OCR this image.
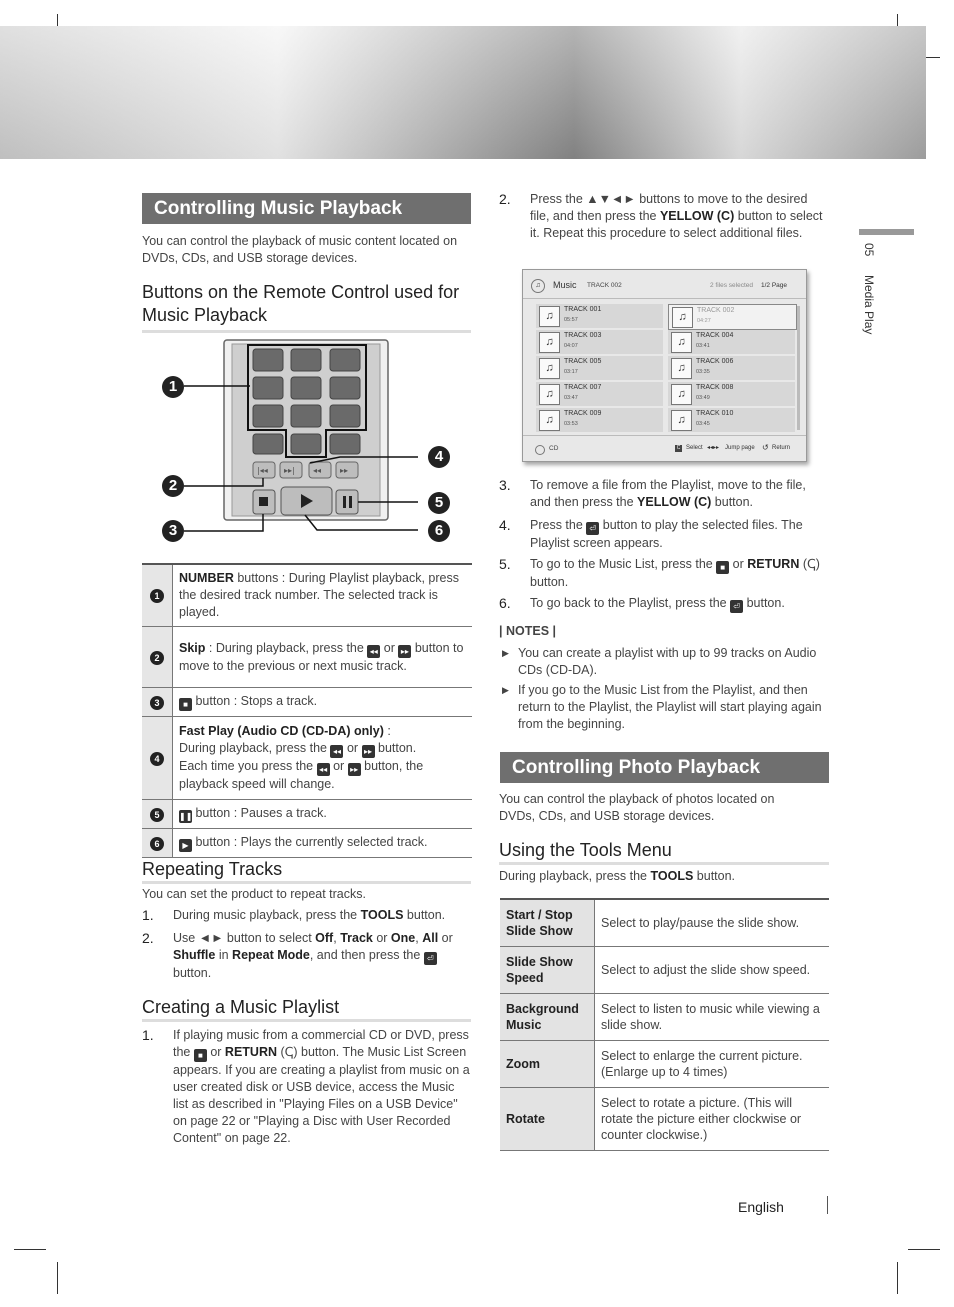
05
Media Play
Controlling Music Playback
You can control the playback of music content located on DVDs, CDs, and USB storage devices.
Buttons on the Remote Control used for Music Playback
|◂◂ ▸▸| ◂◂ ▸▸
1
2
3
4
5
6
1	NUMBER buttons : During Playlist playback, press the desired track number. The selected track is played.
2	Skip : During playback, press the ◂◂ or ▸▸ button to move to the previous or next music track.
3	■ button : Stops a track.
4	Fast Play (Audio CD (CD-DA) only) :
During playback, press the ◂◂ or ▸▸ button.
Each time you press the ◂◂ or ▸▸ button, the playback speed will change.
5	❚❚ button : Pauses a track.
6	▶ button : Plays the currently selected track.
Repeating Tracks
You can set the product to repeat tracks.
1. During music playback, press the TOOLS button.
2. Use ◄► button to select Off, Track or One, All or Shuffle in Repeat Mode, and then press the ⏎
button.
Creating a Music Playlist
1. If playing music from a commercial CD or DVD, press the ■ or RETURN (ↅ) button. The Music List Screen appears. If you are creating a playlist from music on a user created disk or USB device, access the Music list as described in "Playing Files on a USB Device" on page 22 or "Playing a Disc with User Recorded Content" on page 22.
2. Press the ▲▼◄► buttons to move to the desired file, and then press the YELLOW (C) button to select it. Repeat this procedure to select additional files.
♫	Music TRACK 002	2 files selected 1/2 Page
♫
TRACK 001
05:57	♫
TRACK 002
04:27
♫
TRACK 003
04:07	♫
TRACK 004
03:41
♫
TRACK 005
03:17	♫
TRACK 006
03:35
♫
TRACK 007
03:47	♫
TRACK 008
03:49
♫
TRACK 009
03:53	♫
TRACK 010
03:45
CD	C Select ◂◂▸▸ Jump page ↺ Return
3. To remove a file from the Playlist, move to the file, and then press the YELLOW (C) button.
4. Press the ⏎ button to play the selected files. The Playlist screen appears.
5. To go to the Music List, press the ■ or RETURN (ↅ) button.
6. To go back to the Playlist, press the ⏎ button.
| NOTES |
▶ You can create a playlist with up to 99 tracks on Audio CDs (CD-DA).
▶ If you go to the Music List from the Playlist, and then return to the Playlist, the Playlist will start playing again from the beginning.
Controlling Photo Playback
You can control the playback of photos located on DVDs, CDs, and USB storage devices.
Using the Tools Menu
During playback, press the TOOLS button.
Start / Stop Slide Show	Select to play/pause the slide show.
Slide Show Speed	Select to adjust the slide show speed.
Background Music	Select to listen to music while viewing a slide show.
Zoom	Select to enlarge the current picture. (Enlarge up to 4 times)
Rotate	Select to rotate a picture. (This will rotate the picture either clockwise or counter clockwise.)
English
